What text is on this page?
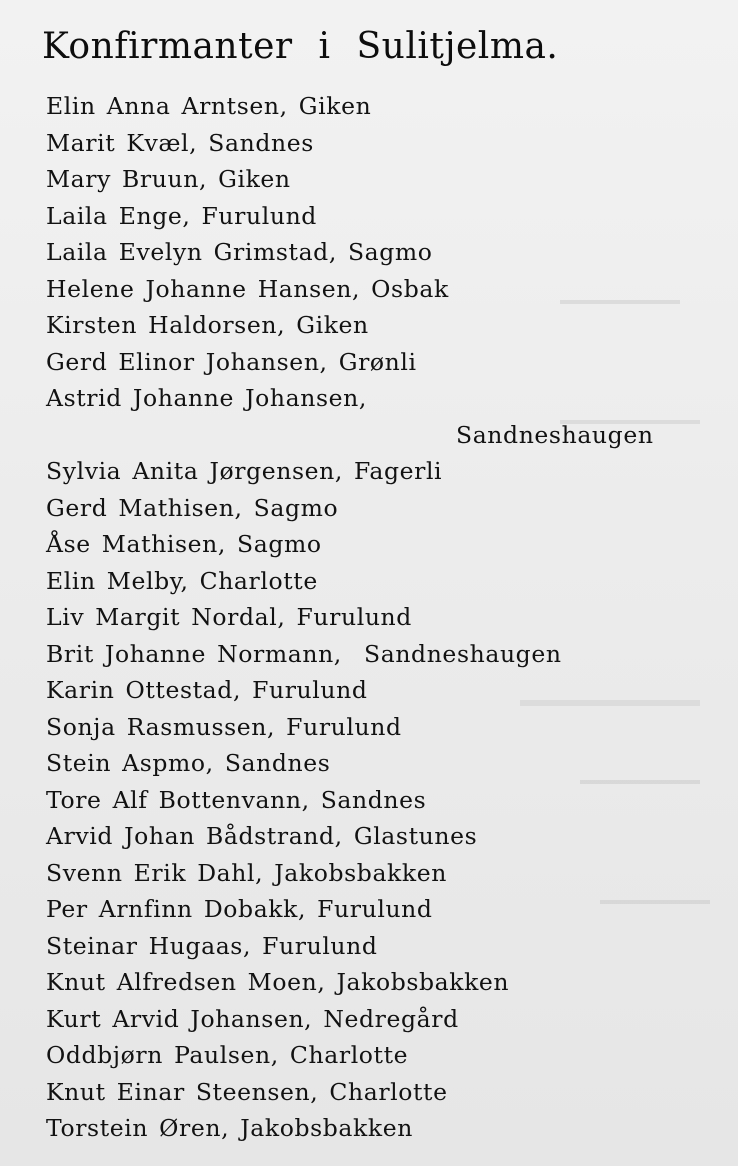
Konfirmanter i Sulitjelma.
Elin Anna Arntsen, Giken
Marit Kvæl, Sandnes
Mary Bruun, Giken
Laila Enge, Furulund
Laila Evelyn Grimstad, Sagmo
Helene Johanne Hansen, Osbak
Kirsten Haldorsen, Giken
Gerd Elinor Johansen, Grønli
Astrid Johanne Johansen,
Sandneshaugen
Sylvia Anita Jørgensen, Fagerli
Gerd Mathisen, Sagmo
Åse Mathisen, Sagmo
Elin Melby, Charlotte
Liv Margit Nordal, Furulund
Brit Johanne Normann,  Sandneshaugen
Karin Ottestad, Furulund
Sonja Rasmussen, Furulund
Stein Aspmo, Sandnes
Tore Alf Bottenvann, Sandnes
Arvid Johan Bådstrand, Glastunes
Svenn Erik Dahl, Jakobsbakken
Per Arnfinn Dobakk, Furulund
Steinar Hugaas, Furulund
Knut Alfredsen Moen, Jakobsbakken
Kurt Arvid Johansen, Nedregård
Oddbjørn Paulsen, Charlotte
Knut Einar Steensen, Charlotte
Torstein Øren, Jakobsbakken
